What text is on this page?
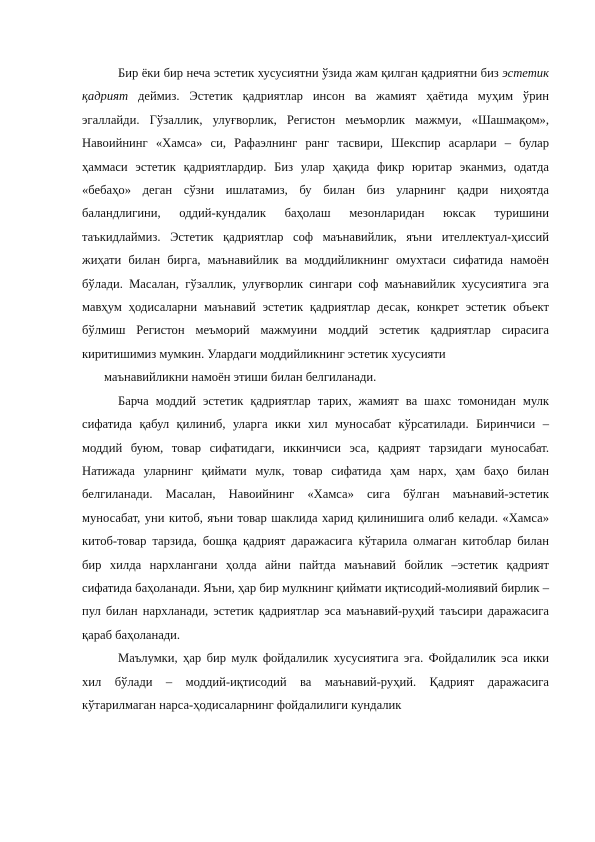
Бир ёки бир неча эстетик хусусиятни ўзида жам қилган қадриятни биз эстетик қадрият деймиз. Эстетик қадриятлар инсон ва жамият ҳаётида муҳим ўрин эгаллайди. Гўзаллик, улуғворлик, Регистон меъморлик мажмуи, «Шашмақом», Навоийнинг «Хамса» си, Рафаэлнинг ранг тасвири, Шекспир асарлари – булар ҳаммаси эстетик қадриятлардир. Биз улар ҳақида фикр юритар эканмиз, одатда «бебаҳо» деган сўзни ишлатамиз, бу билан биз уларнинг қадри ниҳоятда баландлигини, оддий-кундалик баҳолаш мезонларидан юксак туришини таъкидлаймиз. Эстетик қадриятлар соф маънавийлик, яъни ителлектуал-ҳиссий жиҳати билан бирга, маънавийлик ва моддийликнинг омухтаси сифатида намоён бўлади. Масалан, гўзаллик, улуғворлик сингари соф маънавийлик хусусиятига эга мавҳум ҳодисаларни маънавий эстетик қадриятлар десак, конкрет эстетик объект бўлмиш Регистон меъморий мажмуини моддий эстетик қадриятлар сирасига киритишимиз мумкин. Улардаги моддийликнинг эстетик хусусияти

маънавийликни намоён этиши билан белгиланади.

Барча моддий эстетик қадриятлар тарих, жамият ва шахс томонидан мулк сифатида қабул қилиниб, уларга икки хил муносабат кўрсатилади. Биринчиси – моддий буюм, товар сифатидаги, иккинчиси эса, қадрият тарзидаги муносабат. Натижада уларнинг қиймати мулк, товар сифатида ҳам нарх, ҳам баҳо билан белгиланади. Масалан, Навоийнинг «Хамса» сига бўлган маънавий-эстетик муносабат, уни китоб, яъни товар шаклида харид қилинишига олиб келади. «Хамса» китоб-товар тарзида, бошқа қадрият даражасига кўтарила олмаган китоблар билан бир хилда нархлангани ҳолда айни пайтда маънавий бойлик –эстетик қадрият сифатида баҳоланади. Яъни, ҳар бир мулкнинг қиймати иқтисодий-молиявий бирлик – пул билан нархланади, эстетик қадриятлар эса маънавий-руҳий таъсири даражасига қараб баҳоланади.

Маълумки, ҳар бир мулк фойдалилик хусусиятига эга. Фойдалилик эса икки хил бўлади – моддий-иқтисодий ва маънавий-руҳий. Қадрият даражасига кўтарилмаган нарса-ҳодисаларнинг фойдалилиги кундалик
